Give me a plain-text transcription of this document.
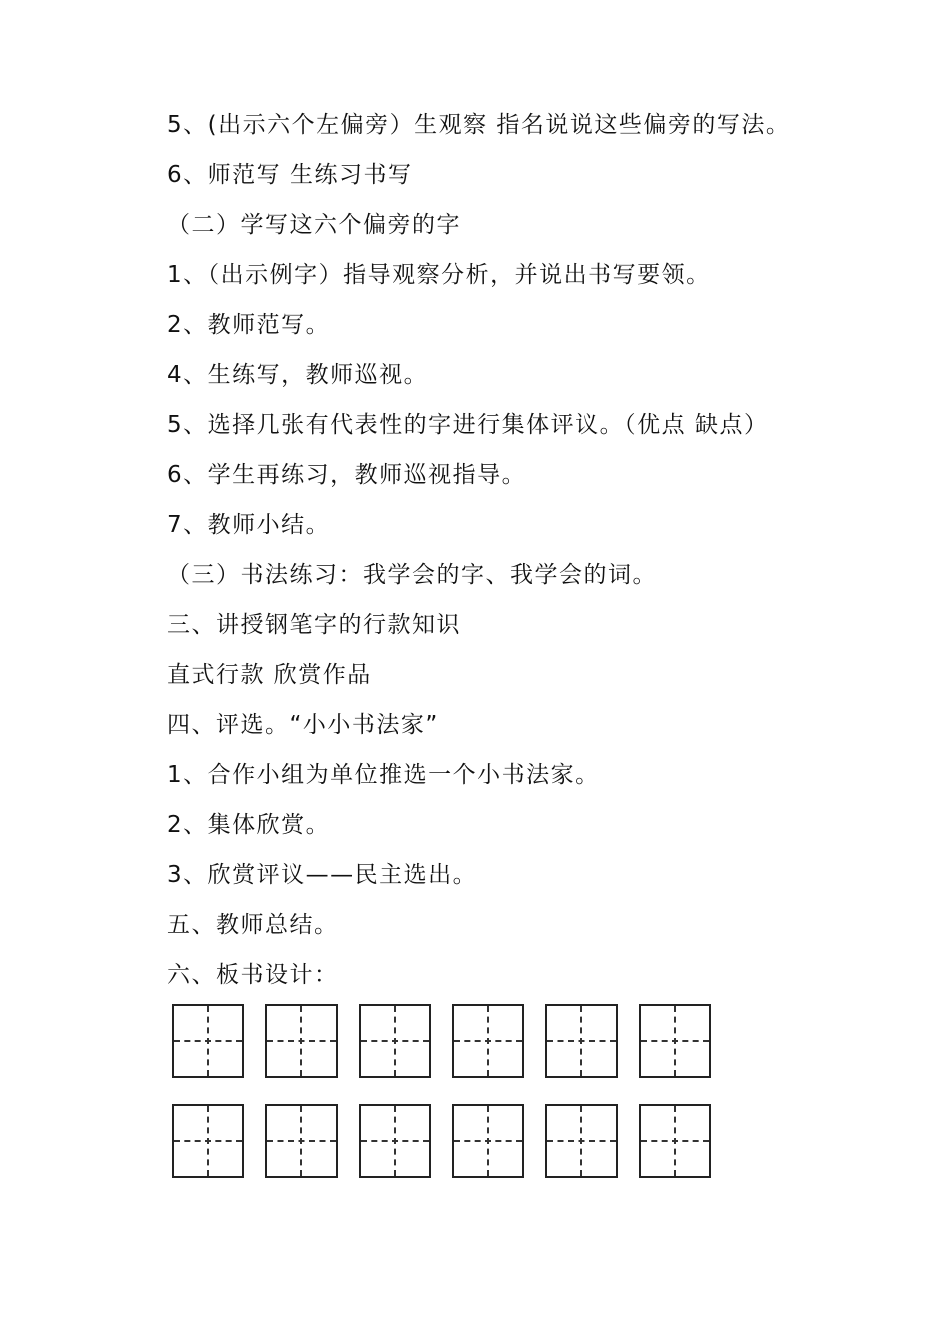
5、(出示六个左偏旁）生观察 指名说说这些偏旁的写法。
6、师范写 生练习书写
（二）学写这六个偏旁的字
1、（出示例字）指导观察分析，并说出书写要领。
2、教师范写。
4、生练写，教师巡视。
5、选择几张有代表性的字进行集体评议。（优点 缺点）
6、学生再练习，教师巡视指导。
7、教师小结。
（三）书法练习：我学会的字、我学会的词。
三、讲授钢笔字的行款知识
直式行款 欣赏作品
四、评选。“小小书法家”
1、合作小组为单位推选一个小书法家。
2、集体欣赏。
3、欣赏评议——民主选出。
五、教师总结。
六、板书设计：
